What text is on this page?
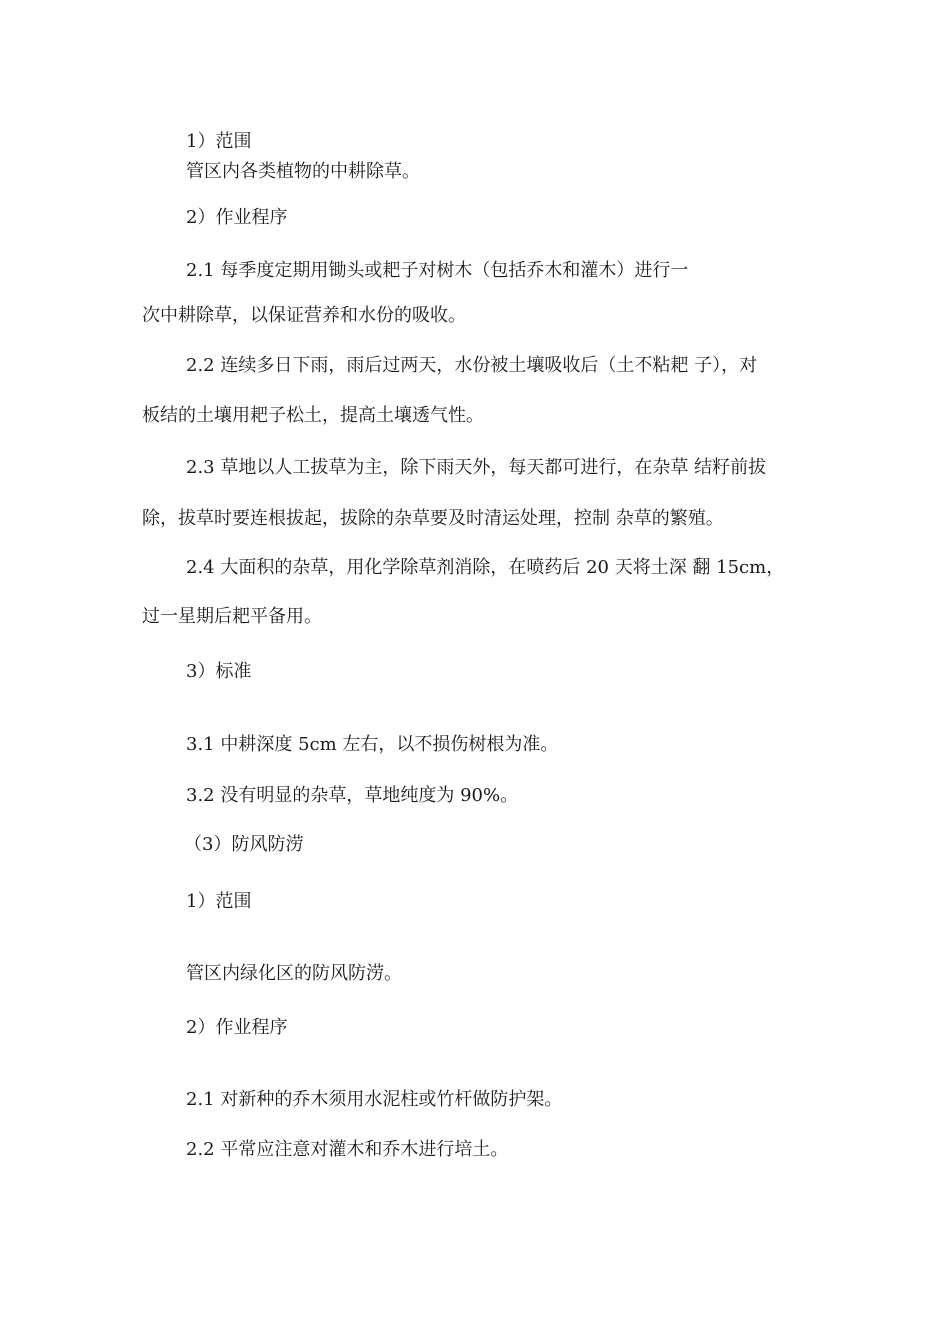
1）范围
管区内各类植物的中耕除草。
2）作业程序
2.1 每季度定期用锄头或耙子对树木（包括乔木和灌木）进行一
次中耕除草，以保证营养和水份的吸收。
2.2 连续多日下雨，雨后过两天，水份被土壤吸收后（土不粘耙 子），对
板结的土壤用耙子松土，提高土壤透气性。
2.3 草地以人工拔草为主，除下雨天外，每天都可进行，在杂草 结籽前拔
除，拔草时要连根拔起，拔除的杂草要及时清运处理，控制 杂草的繁殖。
2.4 大面积的杂草，用化学除草剂消除，在喷药后 20 天将土深 翻 15cm，
过一星期后耙平备用。
3）标准
3.1 中耕深度 5cm 左右，以不损伤树根为准。
3.2 没有明显的杂草，草地纯度为 90%。
（3）防风防涝
1）范围
管区内绿化区的防风防涝。
2）作业程序
2.1 对新种的乔木须用水泥柱或竹杆做防护架。
2.2 平常应注意对灌木和乔木进行培土。
